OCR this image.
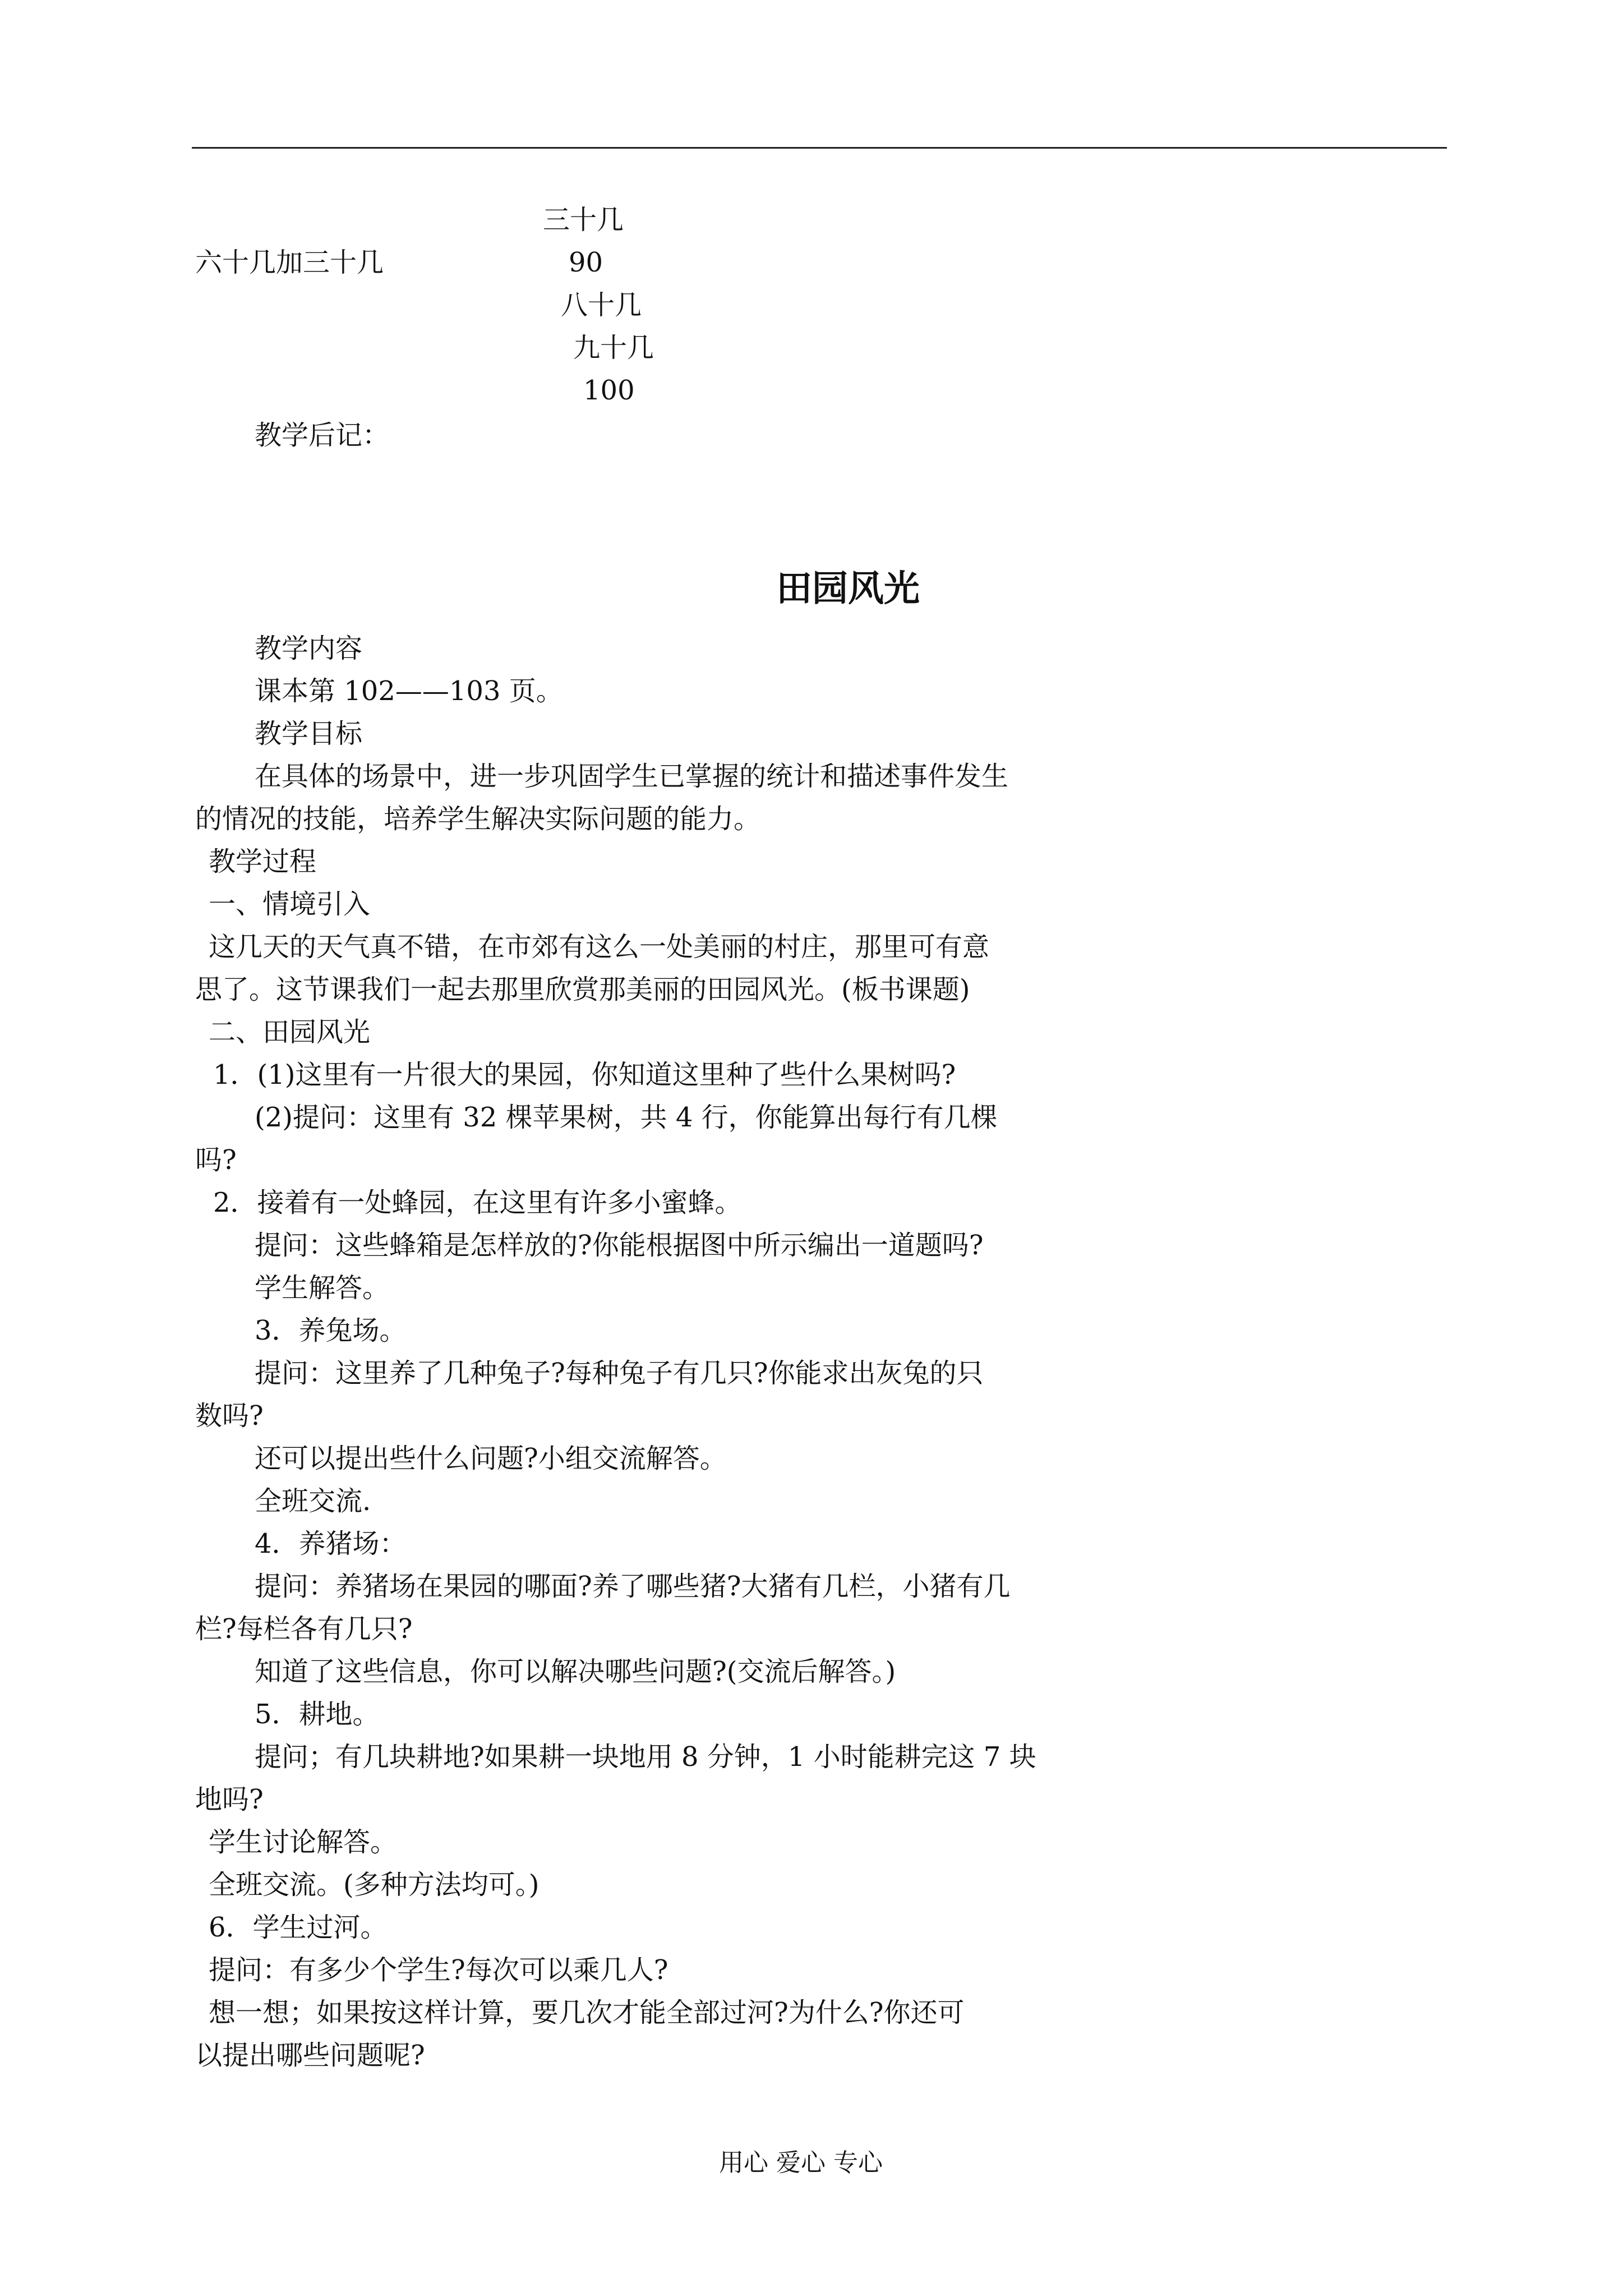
三十几
六十几加三十几	90
八十几
九十几
100
教学后记：
田园风光
教学内容
课本第 102——103 页。
教学目标
在具体的场景中，进一步巩固学生已掌握的统计和描述事件发生
的情况的技能，培养学生解决实际问题的能力。
教学过程
一、情境引入
这几天的天气真不错，在市郊有这么一处美丽的村庄，那里可有意
思了。这节课我们一起去那里欣赏那美丽的田园风光。(板书课题)
二、田园风光
1．(1)这里有一片很大的果园，你知道这里种了些什么果树吗?
(2)提问：这里有 32 棵苹果树，共 4 行，你能算出每行有几棵
吗?
2．接着有一处蜂园，在这里有许多小蜜蜂。
提问：这些蜂箱是怎样放的?你能根据图中所示编出一道题吗?
学生解答。
3．养兔场。
提问：这里养了几种兔子?每种兔子有几只?你能求出灰兔的只
数吗?
还可以提出些什么问题?小组交流解答。
全班交流.
4．养猪场：
提问：养猪场在果园的哪面?养了哪些猪?大猪有几栏，小猪有几
栏?每栏各有几只?
知道了这些信息，你可以解决哪些问题?(交流后解答。)
5．耕地。
提问；有几块耕地?如果耕一块地用 8 分钟，1 小时能耕完这 7 块
地吗?
学生讨论解答。
全班交流。(多种方法均可。)
6．学生过河。
提问：有多少个学生?每次可以乘几人?
想一想；如果按这样计算，要几次才能全部过河?为什么?你还可
以提出哪些问题呢?
用心 爱心 专心
